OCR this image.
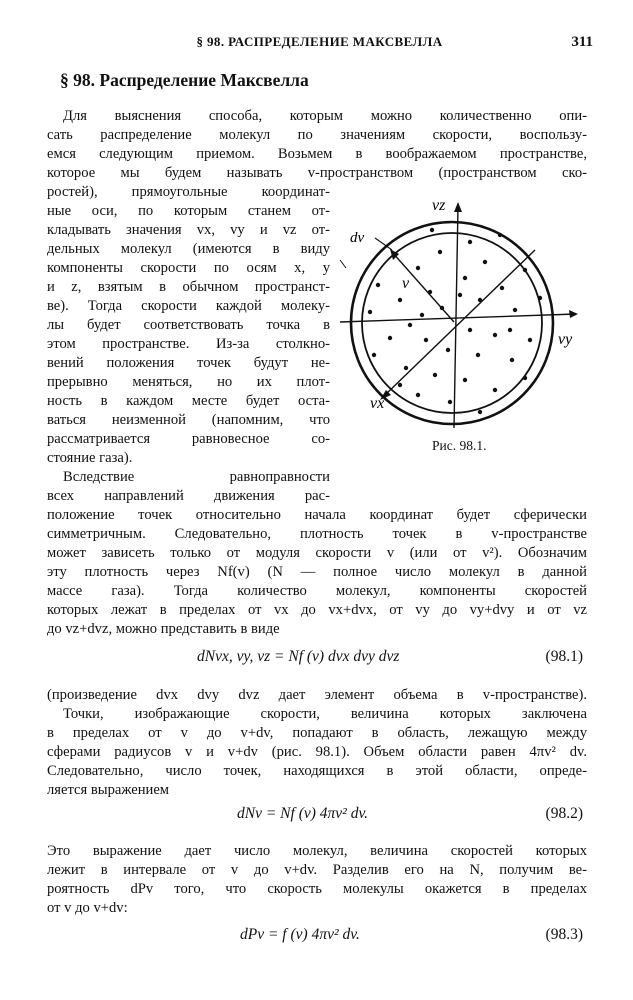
§ 98. РАСПРЕДЕЛЕНИЕ МАКСВЕЛЛА	311
§ 98. Распределение Максвелла
Для выяснения способа, которым можно количественно опи-
сать распределение молекул по значениям скорости, воспользу-
емся следующим приемом. Возьмем в воображаемом пространстве,
которое мы будем называть v-пространством (пространством ско-
ростей), прямоугольные координат-
ные оси, по которым станем от-
кладывать значения vx, vy и vz от-
дельных молекул (имеются в виду
компоненты скорости по осям x, y
и z, взятым в обычном пространст-
ве). Тогда скорости каждой молеку-
лы будет соответствовать точка в
этом пространстве. Из-за столкно-
вений положения точек будут не-
прерывно меняться, но их плот-
ность в каждом месте будет оста-
ваться неизменной (напомним, что
рассматривается равновесное со-
стояние газа).
Вследствие равноправности
всех направлений движения рас-
положение точек относительно начала координат будет сферически
симметричным. Следовательно, плотность точек в v-пространстве
может зависеть только от модуля скорости v (или от v²). Обозначим
эту плотность через Nf(v) (N — полное число молекул в данной
массе газа). Тогда количество молекул, компоненты скоростей
которых лежат в пределах от vx до vx+dvx, от vy до vy+dvy и от vz
до vz+dvz, можно представить в виде
dNvx, vy, vz = Nf (v) dvx dvy dvz	(98.1)
(произведение dvx dvy dvz дает элемент объема в v-пространстве).
Точки, изображающие скорости, величина которых заключена
в пределах от v до v+dv, попадают в область, лежащую между
сферами радиусов v и v+dv (рис. 98.1). Объем области равен 4πv² dv.
Следовательно, число точек, находящихся в этой области, опреде-
ляется выражением
dNv = Nf (v) 4πv² dv.	(98.2)
Это выражение дает число молекул, величина скоростей которых
лежит в интервале от v до v+dv. Разделив его на N, получим ве-
роятность dPv того, что скорость молекулы окажется в пределах
от v до v+dv:
dPv = f (v) 4πv² dv.	(98.3)
vz
vy
vx
dv
v
Рис. 98.1.
